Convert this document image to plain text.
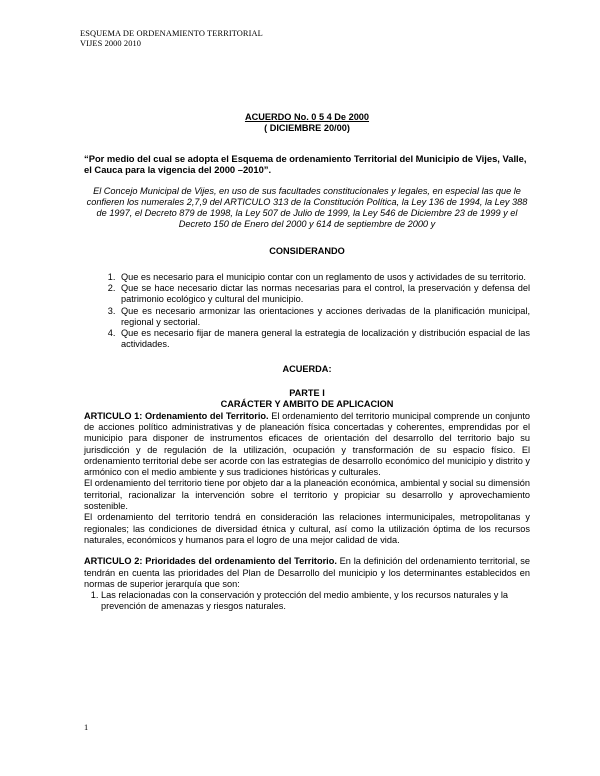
ESQUEMA DE ORDENAMIENTO TERRITORIAL
VIJES 2000 2010
ACUERDO No. 0 5 4 De 2000
( DICIEMBRE 20/00)
“Por medio del cual se adopta el Esquema de ordenamiento Territorial del Municipio de Vijes, Valle, el Cauca para la vigencia del 2000 –2010”.
El Concejo Municipal de Vijes, en uso de sus facultades constitucionales y legales, en especial las que le confieren los numerales 2,7,9 del ARTICULO 313 de la Constitución Política, la Ley 136 de 1994, la Ley 388 de 1997, el Decreto 879 de 1998, la Ley 507 de Julio de 1999, la Ley 546 de Diciembre 23 de 1999 y el Decreto 150 de Enero del 2000 y 614 de septiembre de 2000 y
CONSIDERANDO
1. Que es necesario para el municipio contar con un reglamento de usos y actividades de su territorio.
2. Que se hace necesario dictar las normas necesarias para el control, la preservación y defensa del patrimonio ecológico y cultural del municipio.
3. Que es necesario armonizar las orientaciones y acciones derivadas de la planificación municipal, regional y sectorial.
4. Que es necesario fijar de manera general la estrategia de localización y distribución espacial de las actividades.
ACUERDA:
PARTE I
CARÁCTER Y AMBITO DE APLICACION
ARTICULO 1: Ordenamiento del Territorio. El ordenamiento del territorio municipal comprende un conjunto de acciones político administrativas y de planeación física concertadas y coherentes, emprendidas por el municipio para disponer de instrumentos eficaces de orientación del desarrollo del territorio bajo su jurisdicción y de regulación de la utilización, ocupación y transformación de su espacio físico. El ordenamiento territorial debe ser acorde con las estrategias de desarrollo económico del municipio y distrito y armónico con el medio ambiente y sus tradiciones históricas y culturales.
El ordenamiento del territorio tiene por objeto dar a la planeación económica, ambiental y social su dimensión territorial, racionalizar la intervención sobre el territorio y propiciar su desarrollo y aprovechamiento sostenible.
El ordenamiento del territorio tendrá en consideración las relaciones intermunicipales, metropolitanas y regionales; las condiciones de diversidad étnica y cultural, así como la utilización óptima de los recursos naturales, económicos y humanos para el logro de una mejor calidad de vida.
ARTICULO 2: Prioridades del ordenamiento del Territorio. En la definición del ordenamiento territorial, se tendrán en cuenta las prioridades del Plan de Desarrollo del municipio y los determinantes establecidos en normas de superior jerarquía que son:
1. Las relacionadas con la conservación y protección del medio ambiente, y los recursos naturales y la prevención de amenazas y riesgos naturales.
1
